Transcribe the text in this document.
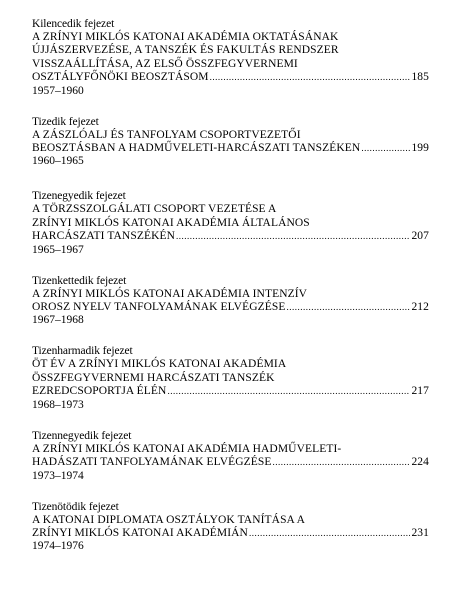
Kilencedik fejezet
A ZRÍNYI MIKLÓS KATONAI AKADÉMIA OKTATÁSÁNAK
ÚJJÁSZERVEZÉSE, A TANSZÉK ÉS FAKULTÁS RENDSZER
VISSZAÁLLÍTÁSA, AZ ELSŐ ÖSSZFEGYVERNEMI
OSZTÁLYFŐNÖKI BEOSZTÁSOM .....	185
1957–1960
Tizedik fejezet
A ZÁSZLÓALJ ÉS TANFOLYAM CSOPORTVEZETŐI
BEOSZTÁSBAN A HADMŰVELETI-HARCÁSZATI TANSZÉKEN .....	199
1960–1965
Tizenegyedik fejezet
A TÖRZSSZOLGÁLATI CSOPORT VEZETÉSE A
ZRÍNYI MIKLÓS KATONAI AKADÉMIA ÁLTALÁNOS
HARCÁSZATI TANSZÉKÉN .....	207
1965–1967
Tizenkettedik fejezet
A ZRÍNYI MIKLÓS KATONAI AKADÉMIA INTENZÍV
OROSZ NYELV TANFOLYAMÁNAK ELVÉGZÉSE .....	212
1967–1968
Tizenharmadik fejezet
ÖT ÉV A ZRÍNYI MIKLÓS KATONAI AKADÉMIA
ÖSSZFEGYVERNEMI HARCÁSZATI TANSZÉK
EZREDCSOPORTJA ÉLÉN .....	217
1968–1973
Tizennegyedik fejezet
A ZRÍNYI MIKLÓS KATONAI AKADÉMIA HADMŰVELETI-
HADÁSZATI TANFOLYAMÁNAK ELVÉGZÉSE .....	224
1973–1974
Tizenötödik fejezet
A KATONAI DIPLOMATA OSZTÁLYOK TANÍTÁSA A
ZRÍNYI MIKLÓS KATONAI AKADÉMIÁN .....	231
1974–1976
